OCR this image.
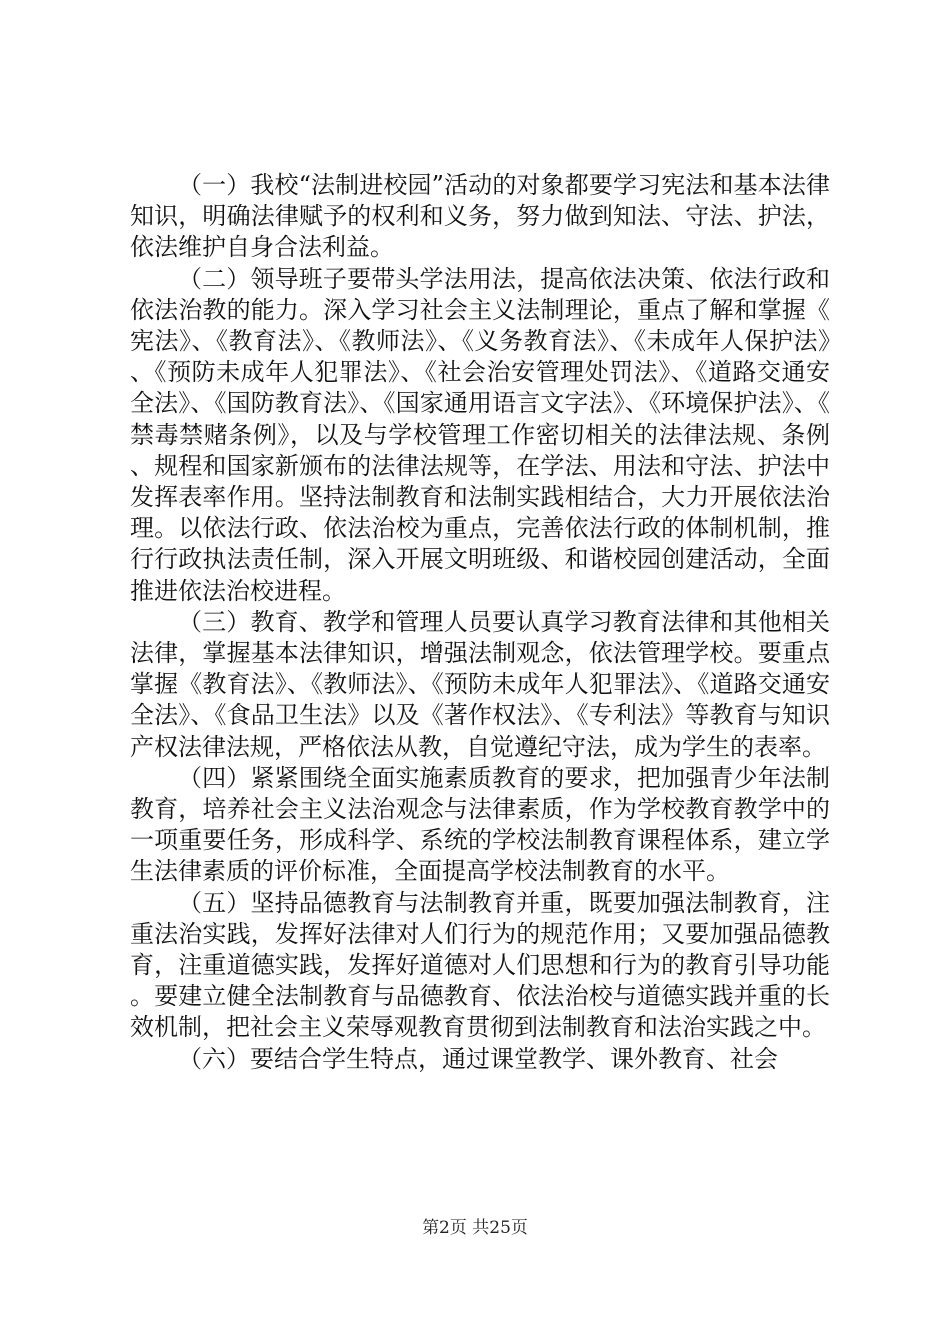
（一）我校“法制进校园”活动的对象都要学习宪法和基本法律知识，明确法律赋予的权利和义务，努力做到知法、守法、护法，依法维护自身合法利益。

（二）领导班子要带头学法用法，提高依法决策、依法行政和依法治教的能力。深入学习社会主义法制理论，重点了解和掌握《宪法》、《教育法》、《教师法》、《义务教育法》、《未成年人保护法》、《预防未成年人犯罪法》、《社会治安管理处罚法》、《道路交通安全法》、《国防教育法》、《国家通用语言文字法》、《环境保护法》、《禁毒禁赌条例》，以及与学校管理工作密切相关的法律法规、条例、规程和国家新颁布的法律法规等，在学法、用法和守法、护法中发挥表率作用。坚持法制教育和法制实践相结合，大力开展依法治理。以依法行政、依法治校为重点，完善依法行政的体制机制，推行行政执法责任制，深入开展文明班级、和谐校园创建活动，全面推进依法治校进程。

（三）教育、教学和管理人员要认真学习教育法律和其他相关法律，掌握基本法律知识，增强法制观念，依法管理学校。要重点掌握《教育法》、《教师法》、《预防未成年人犯罪法》、《道路交通安全法》、《食品卫生法》以及《著作权法》、《专利法》等教育与知识产权法律法规，严格依法从教，自觉遵纪守法，成为学生的表率。

（四）紧紧围绕全面实施素质教育的要求，把加强青少年法制教育，培养社会主义法治观念与法律素质，作为学校教育教学中的一项重要任务，形成科学、系统的学校法制教育课程体系，建立学生法律素质的评价标准，全面提高学校法制教育的水平。

（五）坚持品德教育与法制教育并重，既要加强法制教育，注重法治实践，发挥好法律对人们行为的规范作用；又要加强品德教育，注重道德实践，发挥好道德对人们思想和行为的教育引导功能。要建立健全法制教育与品德教育、依法治校与道德实践并重的长效机制，把社会主义荣辱观教育贯彻到法制教育和法治实践之中。

（六）要结合学生特点，通过课堂教学、课外教育、社会

第2页 共25页
